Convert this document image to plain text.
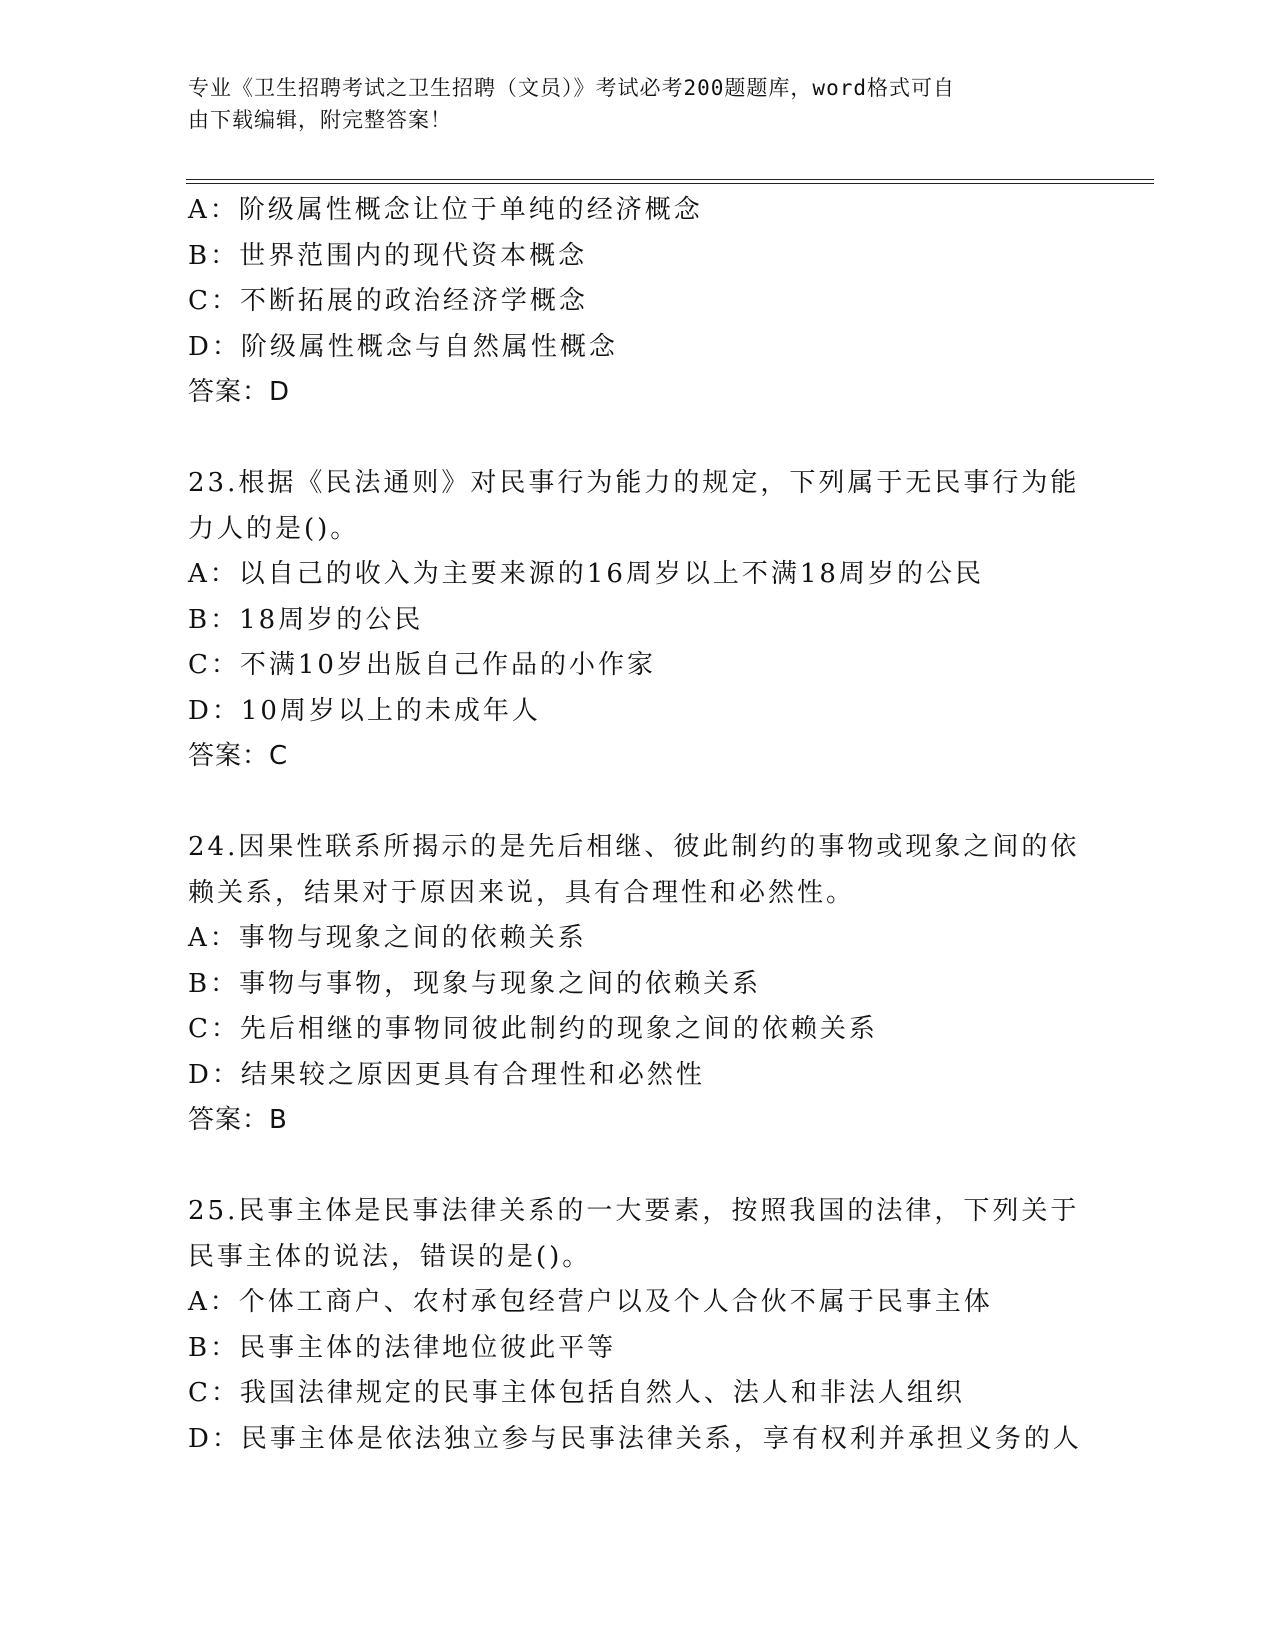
专业《卫生招聘考试之卫生招聘（文员）》考试必考200题题库，word格式可自
由下载编辑，附完整答案！
A：阶级属性概念让位于单纯的经济概念
B：世界范围内的现代资本概念
C：不断拓展的政治经济学概念
D：阶级属性概念与自然属性概念
答案：D
23.根据《民法通则》对民事行为能力的规定，下列属于无民事行为能
力人的是()。
A：以自己的收入为主要来源的16周岁以上不满18周岁的公民
B：18周岁的公民
C：不满10岁出版自己作品的小作家
D：10周岁以上的未成年人
答案：C
24.因果性联系所揭示的是先后相继、彼此制约的事物或现象之间的依
赖关系，结果对于原因来说，具有合理性和必然性。
A：事物与现象之间的依赖关系
B：事物与事物，现象与现象之间的依赖关系
C：先后相继的事物同彼此制约的现象之间的依赖关系
D：结果较之原因更具有合理性和必然性
答案：B
25.民事主体是民事法律关系的一大要素，按照我国的法律，下列关于
民事主体的说法，错误的是()。
A：个体工商户、农村承包经营户以及个人合伙不属于民事主体
B：民事主体的法律地位彼此平等
C：我国法律规定的民事主体包括自然人、法人和非法人组织
D：民事主体是依法独立参与民事法律关系，享有权利并承担义务的人
